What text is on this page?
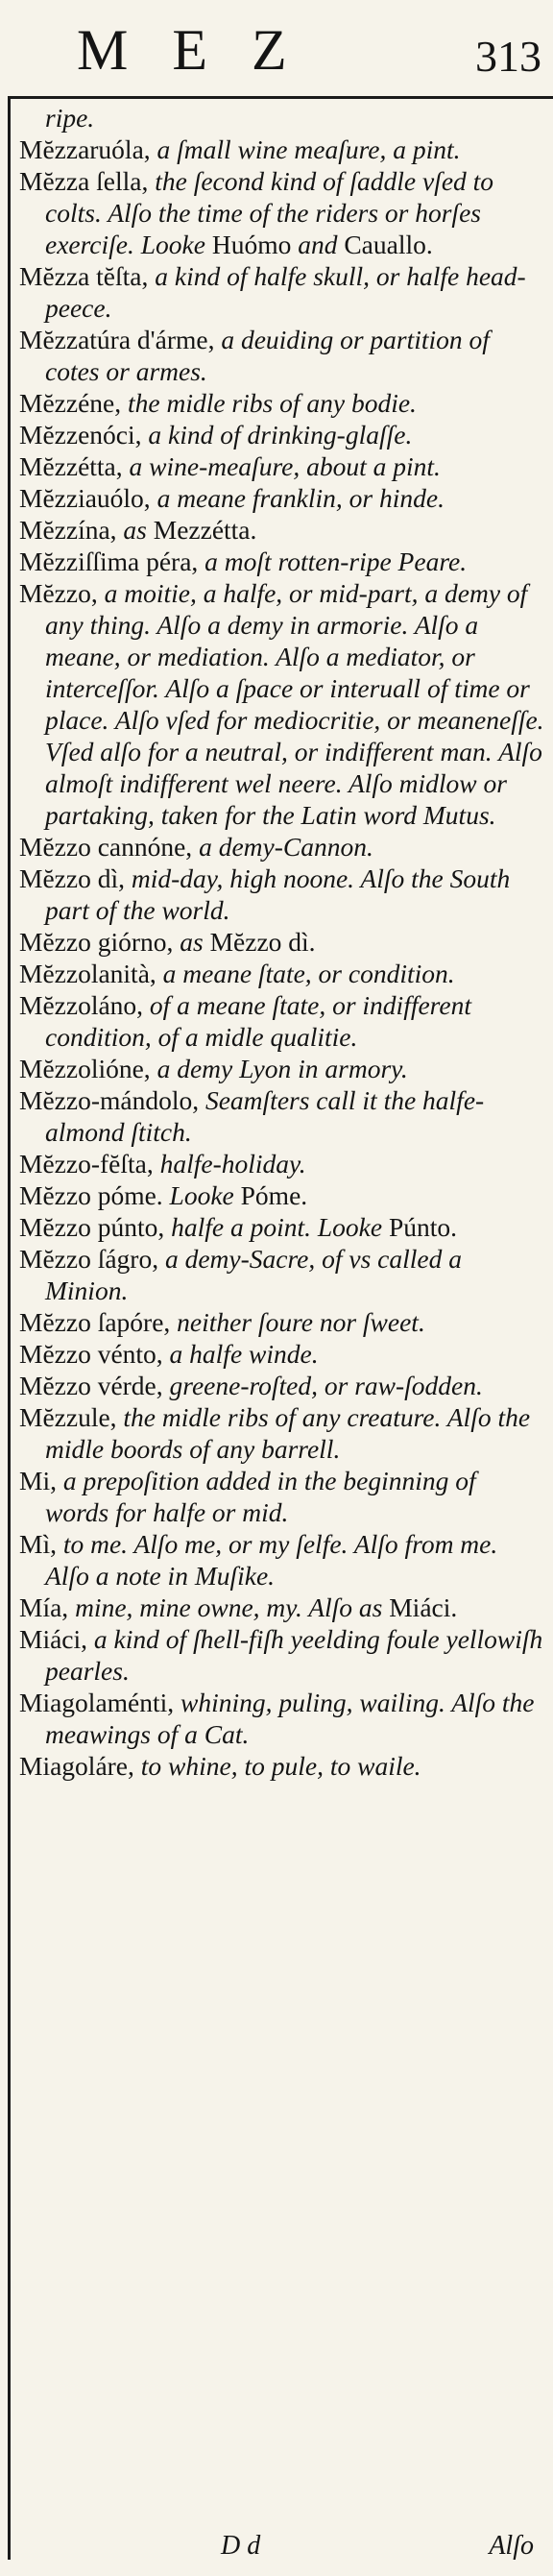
MEZ	313

ripe.

Mĕzzaruóla, a ſmall wine meaſure, a pint.

Mĕzza ſella, the ſecond kind of ſaddle vſed to colts. Alſo the time of the riders or horſes exerciſe. Looke Huómo and Cauallo.

Mĕzza tĕſta, a kind of halfe skull, or halfe head-peece.

Mĕzzatúra d'árme, a deuiding or partition of cotes or armes.

Mĕzzéne, the midle ribs of any bodie.

Mĕzzenóci, a kind of drinking-glaſſe.

Mĕzzétta, a wine-meaſure, about a pint.

Mĕzziauólo, a meane franklin, or hinde.

Mĕzzína, as Mezzétta.

Mĕzziſſima péra, a moſt rotten-ripe Peare.

Mĕzzo, a moitie, a halfe, or mid-part, a demy of any thing. Alſo a demy in armorie. Alſo a meane, or mediation. Alſo a mediator, or interceſſor. Alſo a ſpace or interuall of time or place. Alſo vſed for mediocritie, or meaneneſſe. Vſed alſo for a neutral, or indifferent man. Alſo almoſt indifferent wel neere. Alſo midlow or partaking, taken for the Latin word Mutus.

Mĕzzo cannóne, a demy-Cannon.

Mĕzzo dì, mid-day, high noone. Alſo the South part of the world.

Mĕzzo giórno, as Mĕzzo dì.

Mĕzzolanità, a meane ſtate, or condition.

Mĕzzoláno, of a meane ſtate, or indifferent condition, of a midle qualitie.

Mĕzzolióne, a demy Lyon in armory.

Mĕzzo-mándolo, Seamſters call it the halfe-almond ſtitch.

Mĕzzo-fĕſta, halfe-holiday.

Mĕzzo póme. Looke Póme.

Mĕzzo púnto, halfe a point. Looke Púnto.

Mĕzzo ſágro, a demy-Sacre, of vs called a Minion.

Mĕzzo ſapóre, neither ſoure nor ſweet.

Mĕzzo vénto, a halfe winde.

Mĕzzo vérde, greene-roſted, or raw-ſodden.

Mĕzzule, the midle ribs of any creature. Alſo the midle boords of any barrell.

Mi, a prepoſition added in the beginning of words for halfe or mid.

Mì, to me. Alſo me, or my ſelfe. Alſo from me. Alſo a note in Muſike.

Mía, mine, mine owne, my. Alſo as Miáci.

Miáci, a kind of ſhell-fiſh yeelding foule yellowiſh pearles.

Miagolaménti, whining, puling, wailing. Alſo the meawings of a Cat.

Miagoláre, to whine, to pule, to waile.

D d	Alſo
